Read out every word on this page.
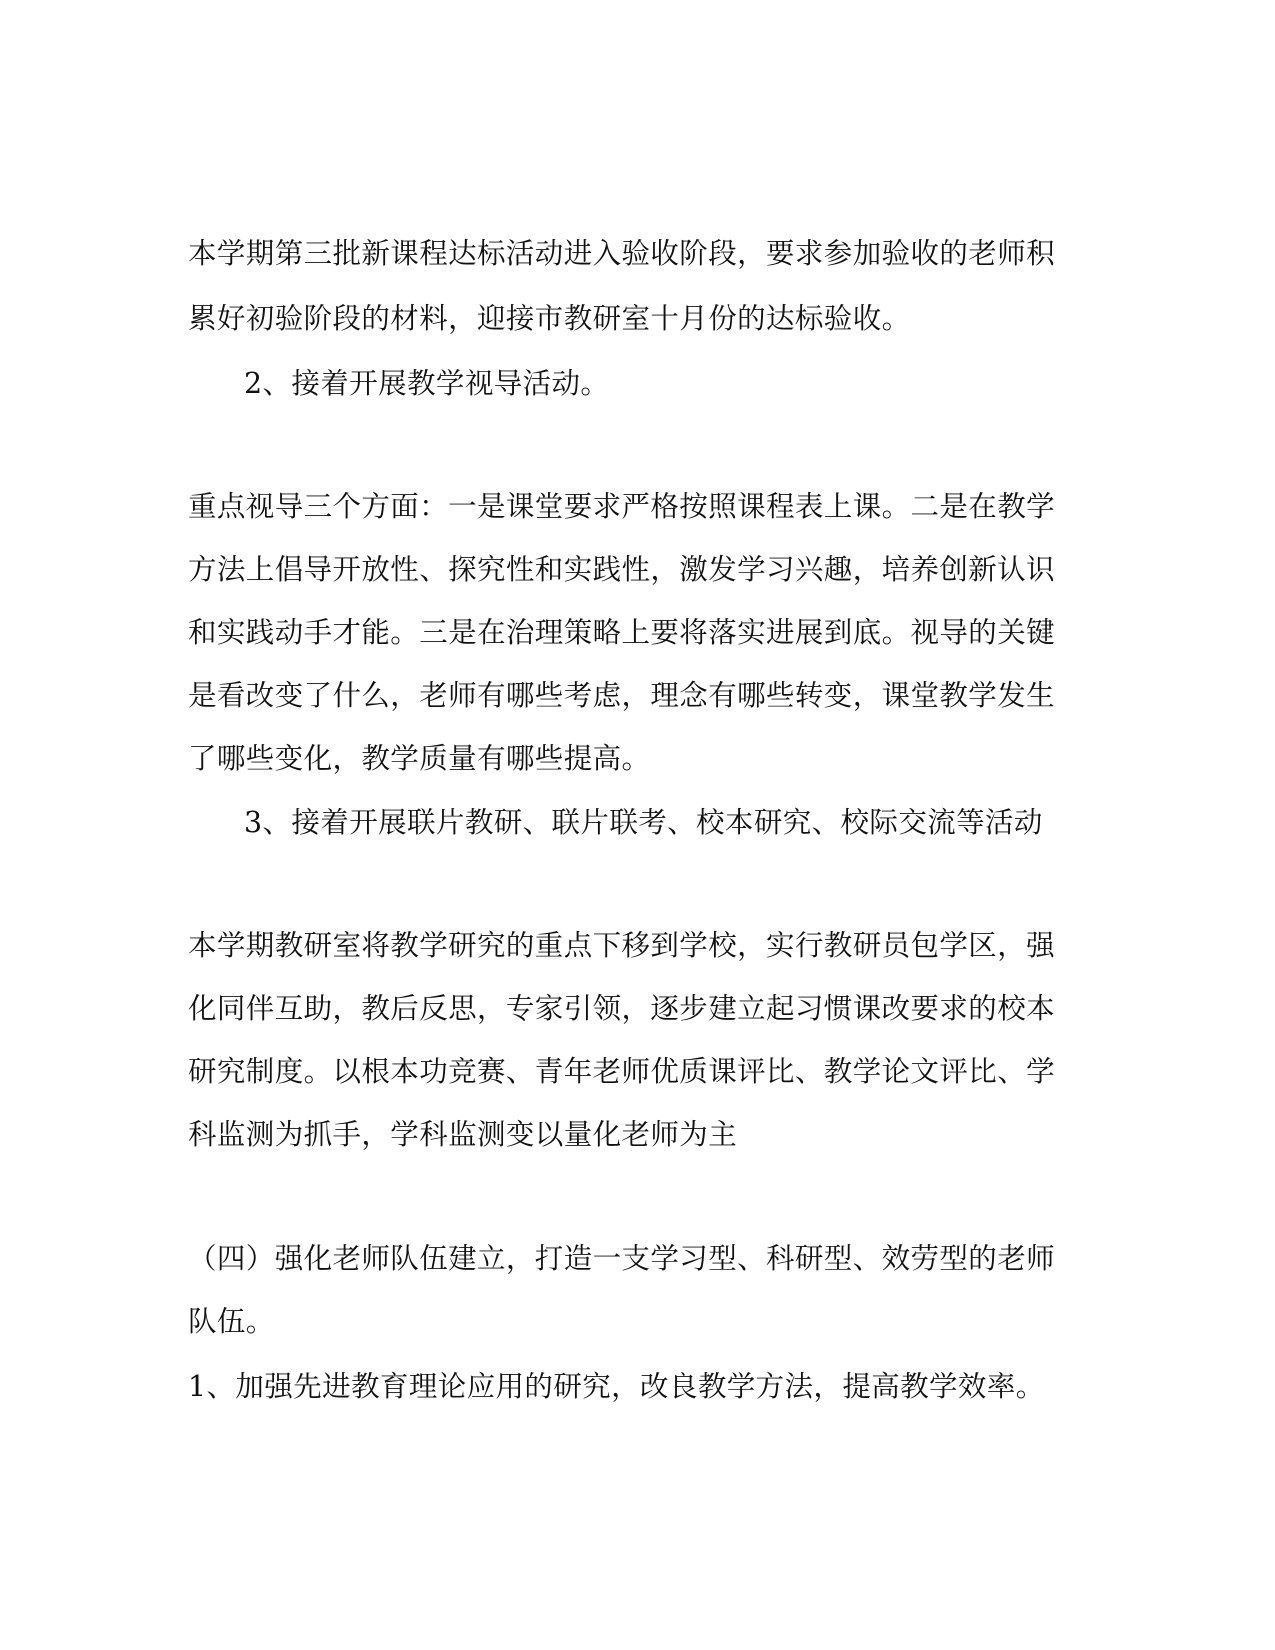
本学期第三批新课程达标活动进入验收阶段，要求参加验收的老师积
累好初验阶段的材料，迎接市教研室十月份的达标验收。
2、接着开展教学视导活动。
重点视导三个方面：一是课堂要求严格按照课程表上课。二是在教学
方法上倡导开放性、探究性和实践性，激发学习兴趣，培养创新认识
和实践动手才能。三是在治理策略上要将落实进展到底。视导的关键
是看改变了什么，老师有哪些考虑，理念有哪些转变，课堂教学发生
了哪些变化，教学质量有哪些提高。
3、接着开展联片教研、联片联考、校本研究、校际交流等活动
本学期教研室将教学研究的重点下移到学校，实行教研员包学区，强
化同伴互助，教后反思，专家引领，逐步建立起习惯课改要求的校本
研究制度。以根本功竞赛、青年老师优质课评比、教学论文评比、学
科监测为抓手，学科监测变以量化老师为主
（四）强化老师队伍建立，打造一支学习型、科研型、效劳型的老师
队伍。
1、加强先进教育理论应用的研究，改良教学方法，提高教学效率。
